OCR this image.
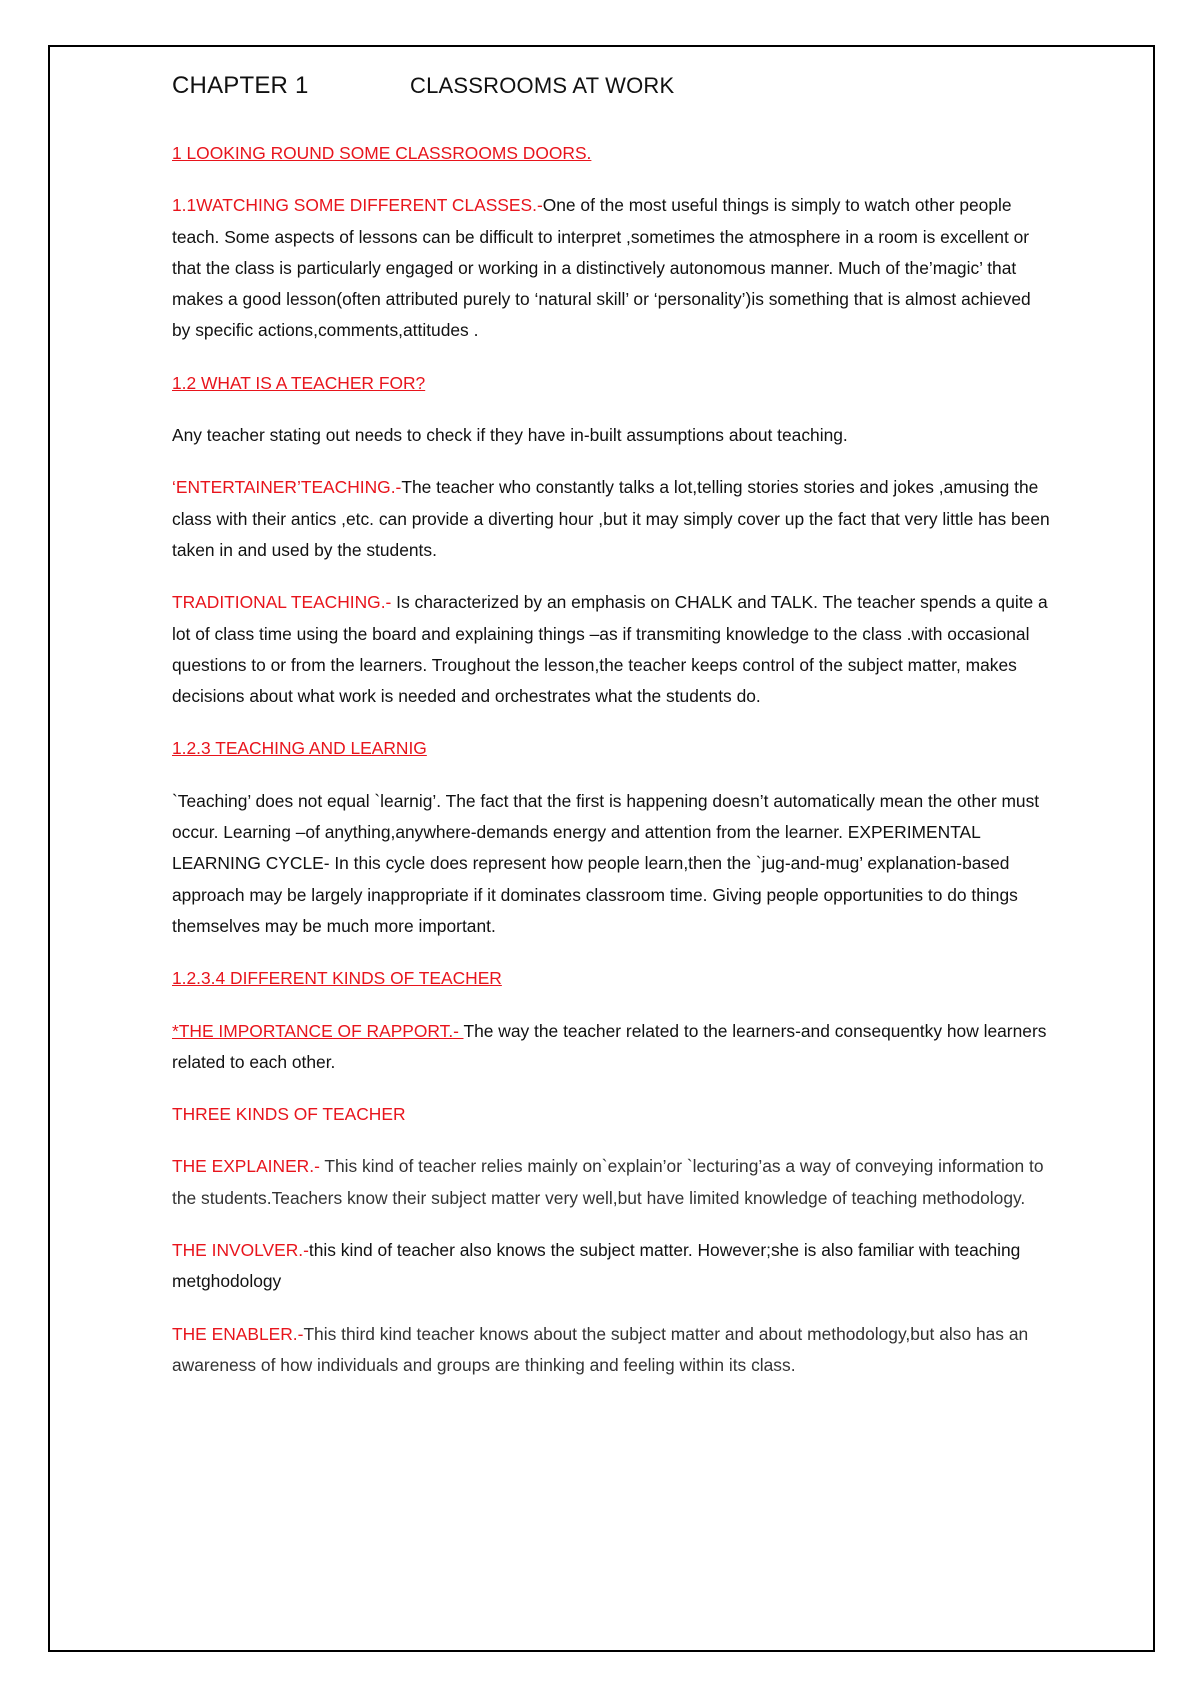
CHAPTER 1	CLASSROOMS AT WORK

1 LOOKING ROUND SOME CLASSROOMS DOORS.

1.1WATCHING SOME DIFFERENT CLASSES.-One of the most useful things is simply to watch other people teach. Some aspects of lessons can be difficult to interpret ,sometimes the atmosphere in a room is excellent or that the class is particularly engaged or working in a distinctively autonomous manner. Much of the’magic’ that makes a good lesson(often attributed purely to ‘natural skill’ or ‘personality’)is something that is almost achieved by specific actions,comments,attitudes .

1.2 WHAT IS A TEACHER FOR?

Any teacher stating out needs to check if they have in-built assumptions about teaching.

‘ENTERTAINER’TEACHING.-The teacher who constantly talks a lot,telling stories stories and jokes ,amusing the class with their antics ,etc. can provide a diverting hour ,but it may simply cover up the fact that very little has been taken in and used by the students.

TRADITIONAL TEACHING.- Is characterized by an emphasis on CHALK and TALK. The teacher spends a quite a lot of class time using the board and explaining things –as if transmiting knowledge to the class .with occasional questions to or from the learners. Troughout the lesson,the teacher keeps control of the subject matter, makes decisions about what work is needed and orchestrates what the students do.

1.2.3 TEACHING AND LEARNIG

`Teaching’ does not equal `learnig’. The fact that the first is happening doesn’t automatically mean the other must occur. Learning –of anything,anywhere-demands energy and attention from the learner. EXPERIMENTAL LEARNING CYCLE- In this cycle does represent how people learn,then the `jug-and-mug’ explanation-based approach may be largely inappropriate if it dominates classroom time. Giving people opportunities to do things themselves may be much more important.

1.2.3.4 DIFFERENT KINDS OF TEACHER

*THE IMPORTANCE OF RAPPORT.- The way the teacher related to the learners-and consequentky how learners related to each other.

THREE KINDS OF TEACHER

THE EXPLAINER.- This kind of teacher relies mainly on`explain’or `lecturing’as a way of conveying information to the students.Teachers know their subject matter very well,but have limited knowledge of teaching methodology.

THE INVOLVER.-this kind of teacher also knows the subject matter. However;she is also familiar with teaching metghodology

THE ENABLER.-This third kind teacher knows about the subject matter and about methodology,but also has an awareness of how individuals and groups are thinking and feeling within its class.
